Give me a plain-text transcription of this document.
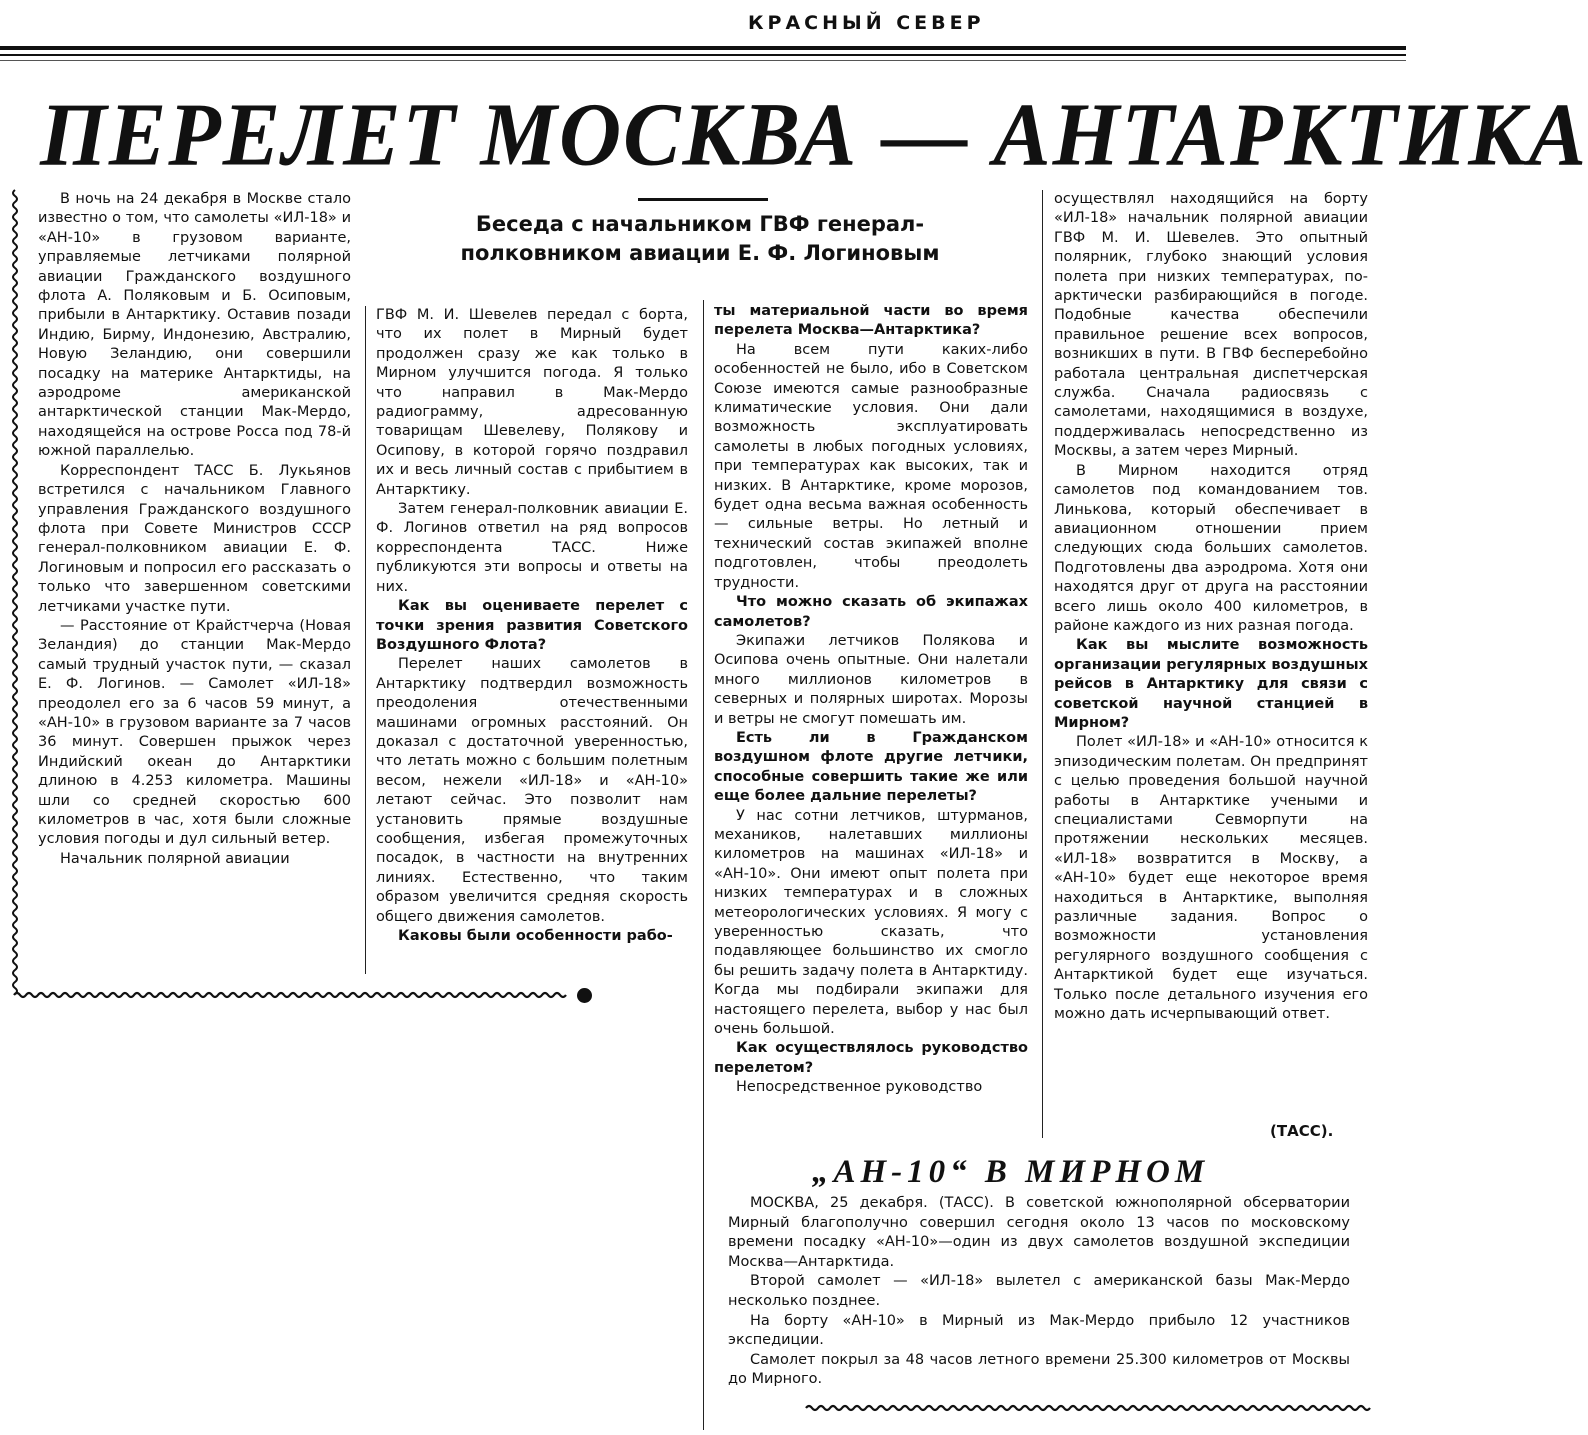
КРАСНЫЙ СЕВЕР
ПЕРЕЛЕТ МОСКВА — АНТАРКТИКА
Беседа с начальником ГВФ генерал-полковником авиации Е. Ф. Логиновым

В ночь на 24 декабря в Москве стало известно о том, что самолеты «ИЛ-18» и «АН-10» в грузовом варианте, управляемые летчиками полярной авиации Гражданского воздушного флота А. Поляковым и Б. Осиповым, прибыли в Антарктику. Оставив позади Индию, Бирму, Индонезию, Австралию, Новую Зеландию, они совершили посадку на материке Антарктиды, на аэродроме американской антарктической станции Мак-Мердо, находящейся на острове Росса под 78-й южной параллелью.

Корреспондент ТАСС Б. Лукьянов встретился с начальником Главного управления Гражданского воздушного флота при Совете Министров СССР генерал-полковником авиации Е. Ф. Логиновым и попросил его рассказать о только что завершенном советскими летчиками участке пути.

— Расстояние от Крайстчерча (Новая Зеландия) до станции Мак-Мердо самый трудный участок пути, — сказал Е. Ф. Логинов. — Самолет «ИЛ-18» преодолел его за 6 часов 59 минут, а «АН-10» в грузовом варианте за 7 часов 36 минут. Совершен прыжок через Индийский океан до Антарктики длиною в 4.253 километра. Машины шли со средней скоростью 600 километров в час, хотя были сложные условия погоды и дул сильный ветер.

Начальник полярной авиации

ГВФ М. И. Шевелев передал с борта, что их полет в Мирный будет продолжен сразу же как только в Мирном улучшится погода. Я только что направил в Мак-Мердо радиограмму, адресованную товарищам Шевелеву, Полякову и Осипову, в которой горячо поздравил их и весь личный состав с прибытием в Антарктику.

Затем генерал-полковник авиации Е. Ф. Логинов ответил на ряд вопросов корреспондента ТАСС. Ниже публикуются эти вопросы и ответы на них.

Как вы оцениваете перелет с точки зрения развития Советского Воздушного Флота?

Перелет наших самолетов в Антарктику подтвердил возможность преодоления отечественными машинами огромных расстояний. Он доказал с достаточной уверенностью, что летать можно с большим полетным весом, нежели «ИЛ-18» и «АН-10» летают сейчас. Это позволит нам установить прямые воздушные сообщения, избегая промежуточных посадок, в частности на внутренних линиях. Естественно, что таким образом увеличится средняя скорость общего движения самолетов.

Каковы были особенности рабо-

ты материальной части во время перелета Москва—Антарктика?

На всем пути каких-либо особенностей не было, ибо в Советском Союзе имеются самые разнообразные климатические условия. Они дали возможность эксплуатировать самолеты в любых погодных условиях, при температурах как высоких, так и низких. В Антарктике, кроме морозов, будет одна весьма важная особенность — сильные ветры. Но летный и технический состав экипажей вполне подготовлен, чтобы преодолеть трудности.

Что можно сказать об экипажах самолетов?

Экипажи летчиков Полякова и Осипова очень опытные. Они налетали много миллионов километров в северных и полярных широтах. Морозы и ветры не смогут помешать им.

Есть ли в Гражданском воздушном флоте другие летчики, способные совершить такие же или еще более дальние перелеты?

У нас сотни летчиков, штурманов, механиков, налетавших миллионы километров на машинах «ИЛ-18» и «АН-10». Они имеют опыт полета при низких температурах и в сложных метеорологических условиях. Я могу с уверенностью сказать, что подавляющее большинство их смогло бы решить задачу полета в Антарктиду. Когда мы подбирали экипажи для настоящего перелета, выбор у нас был очень большой.

Как осуществлялось руководство перелетом?

Непосредственное руководство

осуществлял находящийся на борту «ИЛ-18» начальник полярной авиации ГВФ М. И. Шевелев. Это опытный полярник, глубоко знающий условия полета при низких температурах, по-арктически разбирающийся в погоде. Подобные качества обеспечили правильное решение всех вопросов, возникших в пути. В ГВФ бесперебойно работала центральная диспетчерская служба. Сначала радиосвязь с самолетами, находящимися в воздухе, поддерживалась непосредственно из Москвы, а затем через Мирный.

В Мирном находится отряд самолетов под командованием тов. Линькова, который обеспечивает в авиационном отношении прием следующих сюда больших самолетов. Подготовлены два аэродрома. Хотя они находятся друг от друга на расстоянии всего лишь около 400 километров, в районе каждого из них разная погода.

Как вы мыслите возможность организации регулярных воздушных рейсов в Антарктику для связи с советской научной станцией в Мирном?

Полет «ИЛ-18» и «АН-10» относится к эпизодическим полетам. Он предпринят с целью проведения большой научной работы в Антарктике учеными и специалистами Севморпути на протяжении нескольких месяцев. «ИЛ-18» возвратится в Москву, а «АН-10» будет еще некоторое время находиться в Антарктике, выполняя различные задания. Вопрос о возможности установления регулярного воздушного сообщения с Антарктикой будет еще изучаться. Только после детального изучения его можно дать исчерпывающий ответ.

(ТАСС).
„АН-10“ В МИРНОМ

МОСКВА, 25 декабря. (ТАСС). В советской южнополярной обсерватории Мирный благополучно совершил сегодня около 13 часов по московскому времени посадку «АН-10»—один из двух самолетов воздушной экспедиции Москва—Антарктида.

Второй самолет — «ИЛ-18» вылетел с американской базы Мак-Мердо несколько позднее.

На борту «АН-10» в Мирный из Мак-Мердо прибыло 12 участников экспедиции.

Самолет покрыл за 48 часов летного времени 25.300 километров от Москвы до Мирного.
